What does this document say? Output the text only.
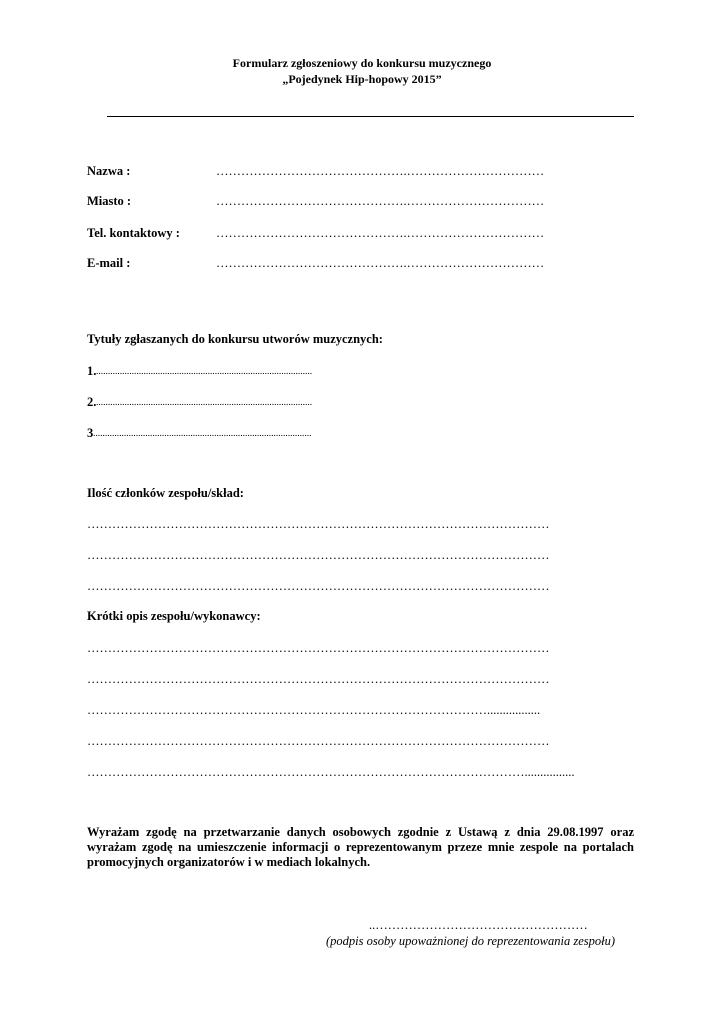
Formularz zgłoszeniowy do konkursu muzycznego
„Pojedynek Hip-hopowy 2015”
Nazwa :	……………………………………….……………………………
Miasto :	……………………………………….……………………………
Tel. kontaktowy :	……………………………………….……………………………
E-mail :	……………………………………….……………………………
Tytuły zgłaszanych do konkursu utworów muzycznych:
1. ...........................................................................................
2. ...........................................................................................
3 ............................................................................................
Ilość członków zespołu/skład:
…………………………………………………………………………………………………
…………………………………………………………………………………………………
…………………………………………………………………………………………………
Krótki opis zespołu/wykonawcy:
…………………………………………………………………………………………………
…………………………………………………………………………………………………
…………………………………………………………………………………….................
…………………………………………………………………………………………………
……………………………………………………………………………………………................
Wyrażam zgodę na przetwarzanie danych osobowych zgodnie z Ustawą z dnia 29.08.1997 oraz wyrażam zgodę na umieszczenie informacji o reprezentowanym przeze mnie zespole na portalach promocyjnych organizatorów i w mediach lokalnych.
..……………………………………………
(podpis osoby upoważnionej do reprezentowania zespołu)
